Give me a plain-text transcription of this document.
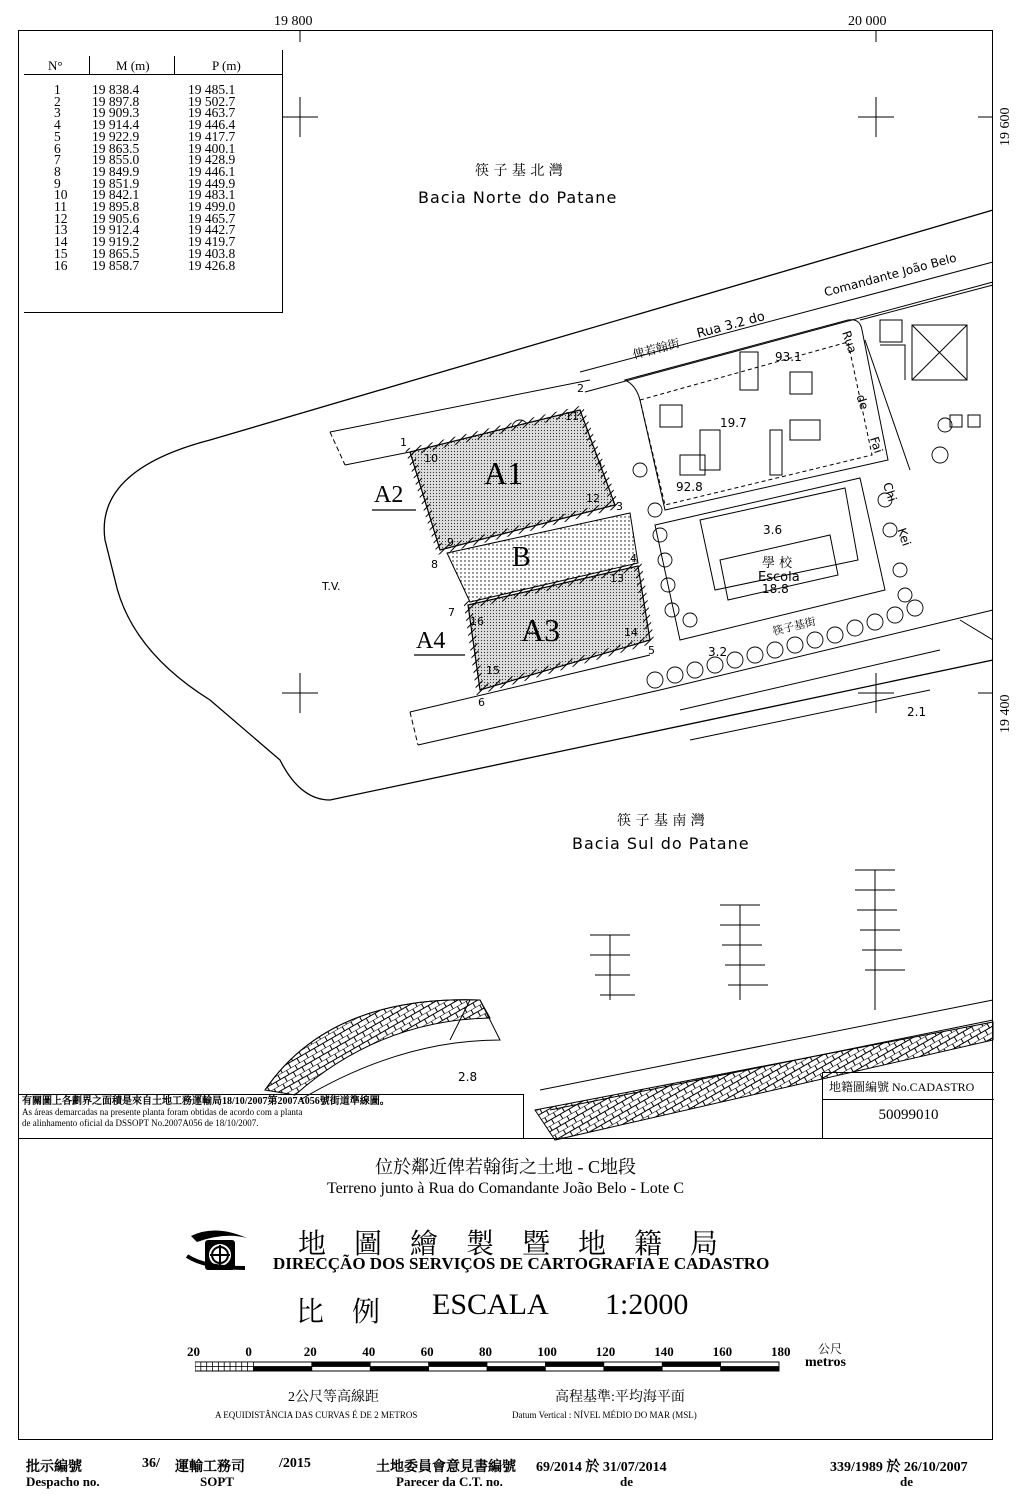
19 800	20 000
19 600
19 400
N°	M (m)	P (m)
1 19 838.4	19 485.1
2 19 897.8	19 502.7
3 19 909.3	19 463.7
4 19 914.4	19 446.4
5 19 922.9	19 417.7
6 19 863.5	19 400.1
7 19 855.0	19 428.9
8 19 849.9	19 446.1
9 19 851.9	19 449.9
10 19 842.1	19 483.1
11 19 895.8	19 499.0
12 19 905.6	19 465.7
13 19 912.4	19 442.7
14 19 919.2	19 419.7
15 19 865.5	19 403.8
16 19 858.7	19 426.8
筷 子 基 北 灣
Bacia Norte do Patane
筷 子 基 南 灣
Bacia Sul do Patane
俾若翰街
Rua 3.2 do
Comandante João Belo
Rua
de
Fai
Chi
Kei
筷子基街
學 校
Escola
T.V.
93.1
19.7
92.8
3.6
18.8
3.2
2.1
2.8
A1
A2
B
A3
A4
1
2
3
4
5
6
7
8
9
10
11
12
13
14
15
16
有關圖上各劃界之面積是來自土地工務運輸局18/10/2007第2007A056號街道準線圖。
As áreas demarcadas na presente planta foram obtidas de acordo com a planta
de alinhamento oficial da DSSOPT No.2007A056 de 18/10/2007.
地籍圖編號 No.CADASTRO
50099010
位於鄰近俾若翰街之土地 - C地段
Terreno junto à Rua do Comandante João Belo - Lote C
地　圖　繪　製　暨　地　籍　局
DIRECÇÃO DOS SERVIÇOS DE CARTOGRAFIA E CADASTRO
比　例 ESCALA 1:2000
20	0	20	40	60	80	100	120	140	160	180 公尺
metros
2公尺等高線距
A EQUIDISTÂNCIA DAS CURVAS É DE 2 METROS
高程基準:平均海平面
Datum Vertical : NÍVEL MÉDIO DO MAR (MSL)
批示編號
Despacho no.
36/ 運輸工務司
SOPT
/2015	土地委員會意見書編號
Parecer da C.T. no.
69/2014 於 31/07/2014
de
339/1989 於 26/10/2007
de
